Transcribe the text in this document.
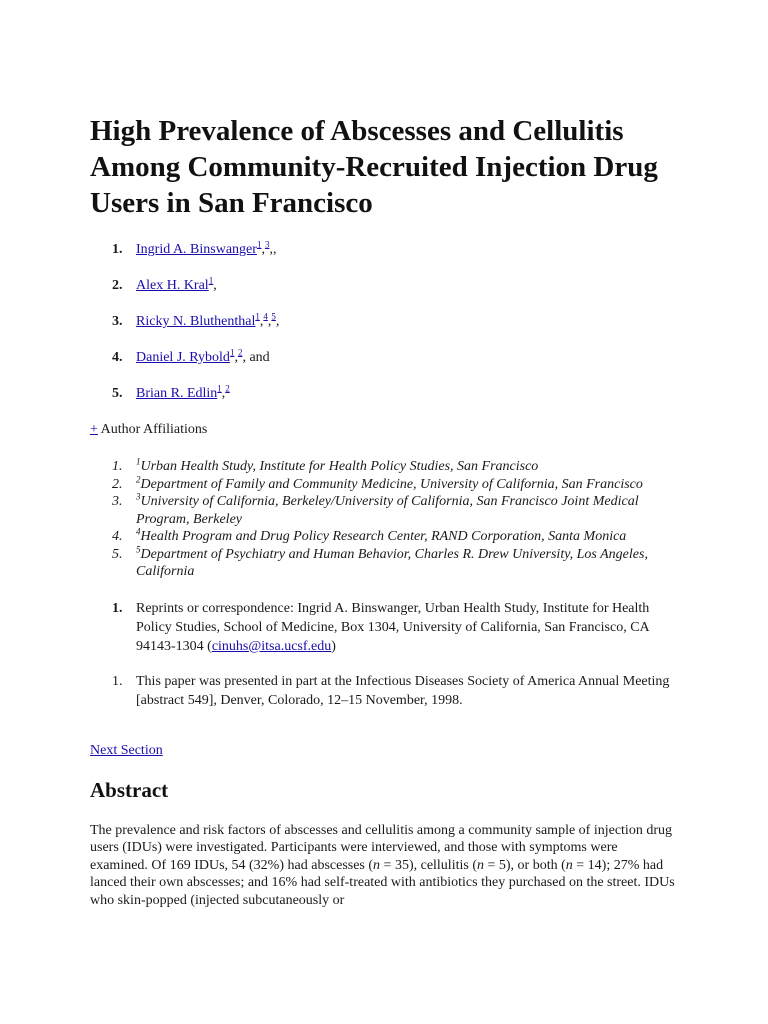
High Prevalence of Abscesses and Cellulitis Among Community-Recruited Injection Drug Users in San Francisco
1. Ingrid A. Binswanger$^1$,$^3$,,
2. Alex H. Kral$^1$,
3. Ricky N. Bluthenthal$^1$,$^4$,$^5$,
4. Daniel J. Rybold$^1$,$^2$, and
5. Brian R. Edlin$^1$,$^2$
+ Author Affiliations
1.	$^1$Urban Health Study, Institute for Health Policy Studies, San Francisco
2.	$^2$Department of Family and Community Medicine, University of California, San Francisco
3.	$^3$University of California, Berkeley/University of California, San Francisco Joint Medical Program, Berkeley
4.	$^4$Health Program and Drug Policy Research Center, RAND Corporation, Santa Monica
5.	$^5$Department of Psychiatry and Human Behavior, Charles R. Drew University, Los Angeles, California
1. Reprints or correspondence: Ingrid A. Binswanger, Urban Health Study, Institute for Health Policy Studies, School of Medicine, Box 1304, University of California, San Francisco, CA 94143-1304 (cinuhs@itsa.ucsf.edu)
1. This paper was presented in part at the Infectious Diseases Society of America Annual Meeting [abstract 549], Denver, Colorado, 12–15 November, 1998.
Next Section
Abstract

The prevalence and risk factors of abscesses and cellulitis among a community sample of injection drug users (IDUs) were investigated. Participants were interviewed, and those with symptoms were examined. Of 169 IDUs, 54 (32%) had abscesses (n = 35), cellulitis (n = 5), or both (n = 14); 27% had lanced their own abscesses; and 16% had self-treated with antibiotics they purchased on the street. IDUs who skin-popped (injected subcutaneously or
